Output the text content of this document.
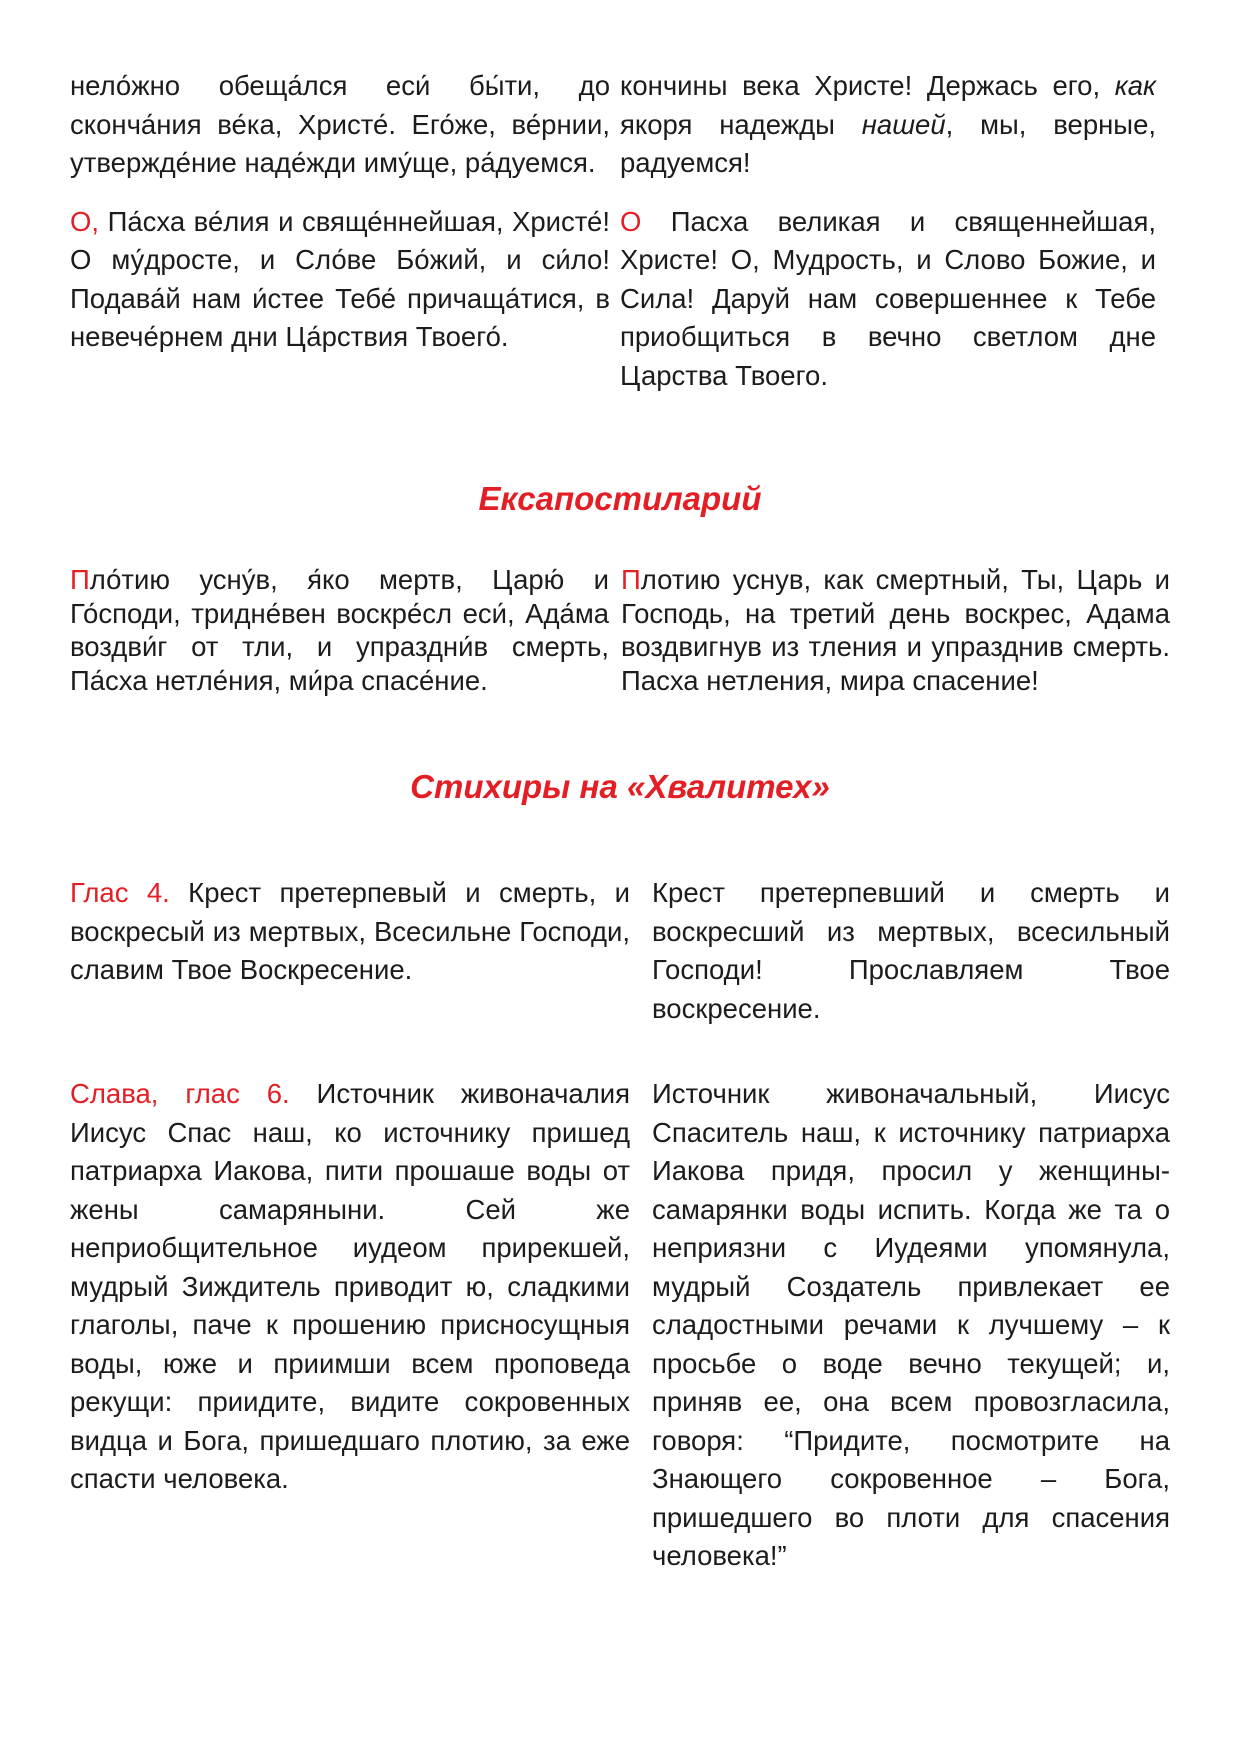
нело́жно обеща́лся еси́ бы́ти, до сконча́ния ве́ка, Христе́. Его́же, ве́рнии, утвержде́ние наде́жди иму́ще, ра́дуемся.

О, Па́сха ве́лия и свяще́ннейшая, Христе́! О му́дросте, и Сло́ве Бо́жий, и си́ло! Подава́й нам и́стее Тебе́ причаща́тися, в невече́рнем дни Ца́рствия Твоего́.

кончины века Христе! Держась его, как якоря надежды нашей, мы, верные, радуемся!

О Пасха великая и священнейшая, Христе! О, Мудрость, и Слово Божие, и Сила! Даруй нам совершеннее к Тебе приобщиться в вечно светлом дне Царства Твоего.

Ексапостиларий

Пло́тию усну́в, я́ко мертв, Царю́ и Го́споди, тридне́вен воскре́сл еси́, Ада́ма воздви́г от тли, и упраздни́в смерть, Па́сха нетле́ния, ми́ра спасе́ние.

Плотию уснув, как смертный, Ты, Царь и Господь, на третий день воскрес, Адама воздвигнув из тления и упразднив смерть. Пасха нетления, мира спасение!

Стихиры на «Хвалитех»

Глас 4. Крест претерпевый и смерть, и воскресый из мертвых, Всесильне Господи, славим Твое Воскресение.

Крест претерпевший и смерть и воскресший из мертвых, всесильный Господи! Прославляем Твое воскресение.

Слава, глас 6. Источник живоначалия Иисус Спас наш, ко источнику пришед патриарха Иакова, пити прошаше воды от жены самаряныни. Сей же неприобщительное иудеом прирекшей, мудрый Зиждитель приводит ю, сладкими глаголы, паче к прошению присносущныя воды, юже и приимши всем проповеда рекущи: приидите, видите сокровенных видца и Бога, пришедшаго плотию, за еже спасти человека.

Источник живоначальный, Иисус Спаситель наш, к источнику патриарха Иакова придя, просил у женщины-самарянки воды испить. Когда же та о неприязни с Иудеями упомянула, мудрый Создатель привлекает ее сладостными речами к лучшему – к просьбе о воде вечно текущей; и, приняв ее, она всем провозгласила, говоря: “Придите, посмотрите на Знающего сокровенное – Бога, пришедшего во плоти для спасения человека!”
